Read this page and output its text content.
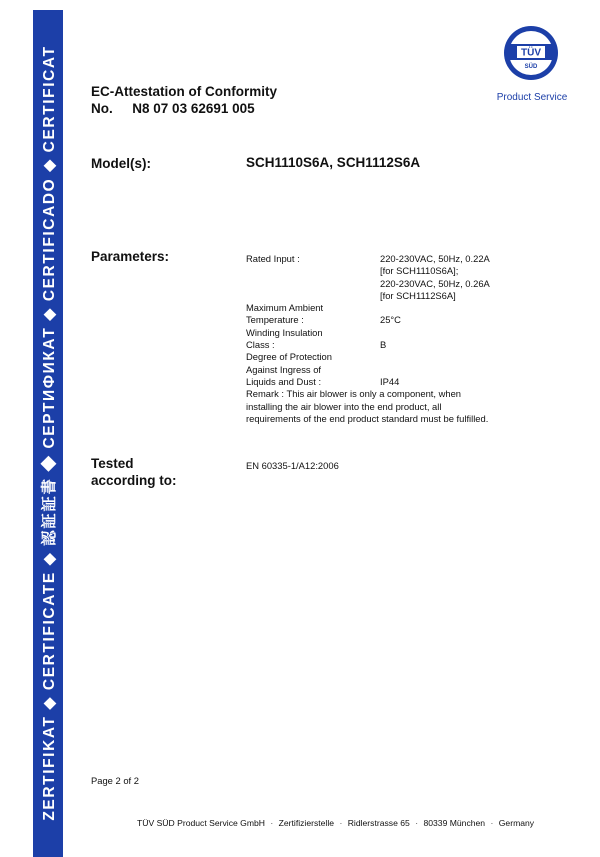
ZERTIFIKAT ◆ CERTIFICATE ◆ 認証証書 ◆ СЕРТИФИКАТ ◆ CERTIFICADO ◆ CERTIFICAT	TÜV
SÜD
Product Service
EC-Attestation of Conformity
No. N8 07 03 62691 005
Model(s):	SCH1110S6A, SCH1112S6A
Parameters:	Rated Input :	220-230VAC, 50Hz, 0.22A
[for SCH1110S6A];
220-230VAC, 50Hz, 0.26A
[for SCH1112S6A]
Maximum Ambient
Temperature :
	25°C
Winding Insulation
Class :
	B
Degree of Protection
Against Ingress of
Liquids and Dust :

	IP44
Remark : This air blower is only a component, when installing the air blower into the end product, all requirements of the end product standard must be fulfilled.
Tested
according to:
EN 60335-1/A12:2006
Page 2 of 2
TÜV SÜD Product Service GmbH · Zertifizierstelle · Ridlerstrasse 65 · 80339 München · Germany
